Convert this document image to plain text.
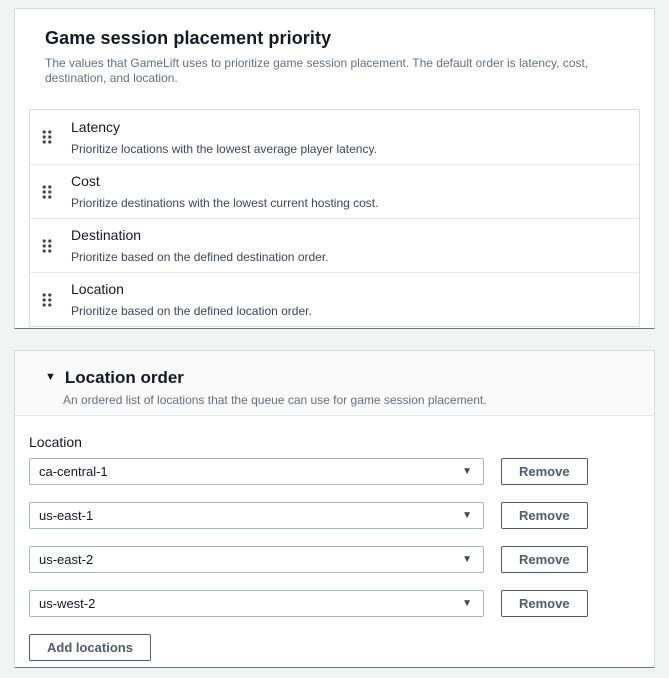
Game session placement priority

The values that GameLift uses to prioritize game session placement. The default order is latency, cost, destination, and location.

Latency
Prioritize locations with the lowest average player latency.
Cost
Prioritize destinations with the lowest current hosting cost.
Destination
Prioritize based on the defined destination order.
Location
Prioritize based on the defined location order.
▼ Location order

An ordered list of locations that the queue can use for game session placement.

Location
ca-central-1	▼	Remove
us-east-1	▼	Remove
us-east-2	▼	Remove
us-west-2	▼	Remove
Add locations
